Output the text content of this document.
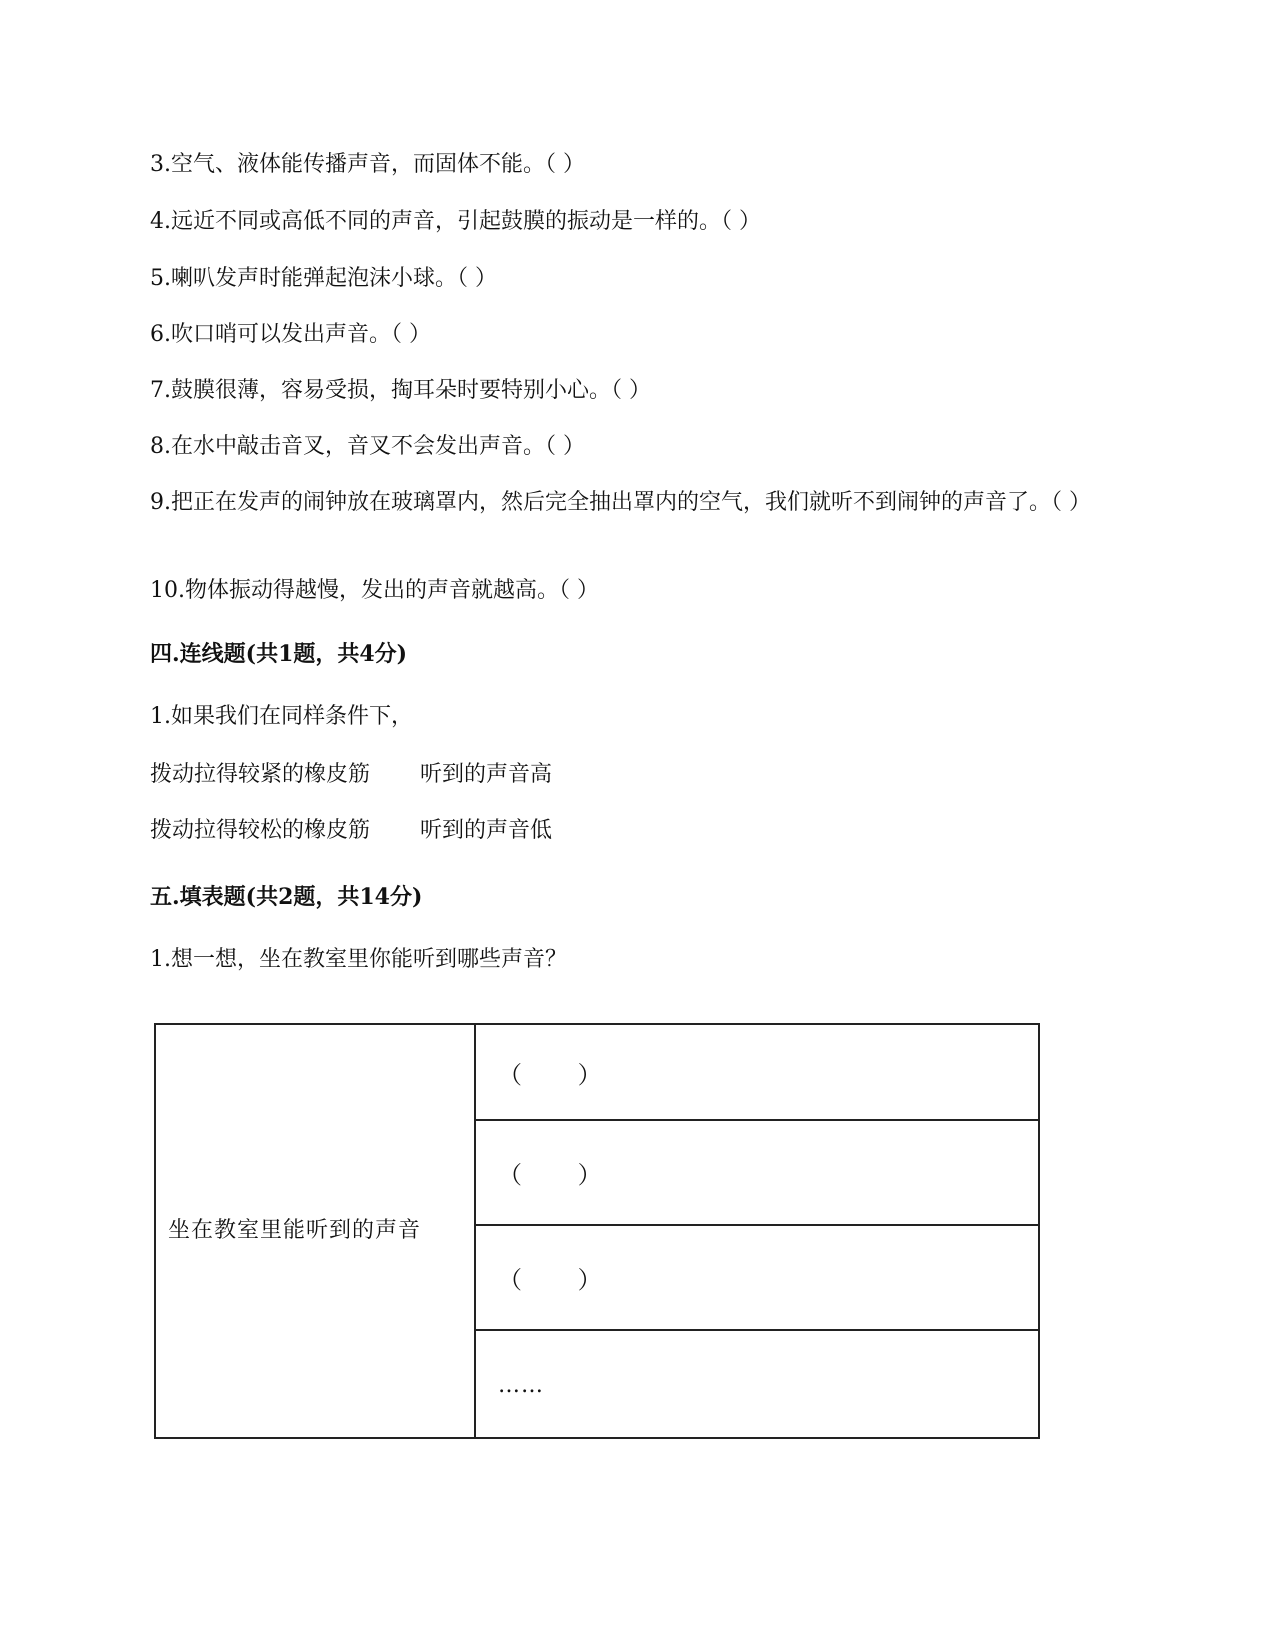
3.空气、液体能传播声音，而固体不能。（ ）
4.远近不同或高低不同的声音，引起鼓膜的振动是一样的。（ ）
5.喇叭发声时能弹起泡沫小球。（ ）
6.吹口哨可以发出声音。（ ）
7.鼓膜很薄，容易受损，掏耳朵时要特别小心。（ ）
8.在水中敲击音叉，音叉不会发出声音。（ ）
9.把正在发声的闹钟放在玻璃罩内，然后完全抽出罩内的空气，我们就听不到闹钟的声音了。（ ）
10.物体振动得越慢，发出的声音就越高。（ ）
四.连线题(共1题，共4分)
1.如果我们在同样条件下，
拨动拉得较紧的橡皮筋 听到的声音高
拨动拉得较松的橡皮筋 听到的声音低
五.填表题(共2题，共14分)
1.想一想，坐在教室里你能听到哪些声音？
坐在教室里能听到的声音	（　　 ）
（　　 ）
（　　 ）
……
